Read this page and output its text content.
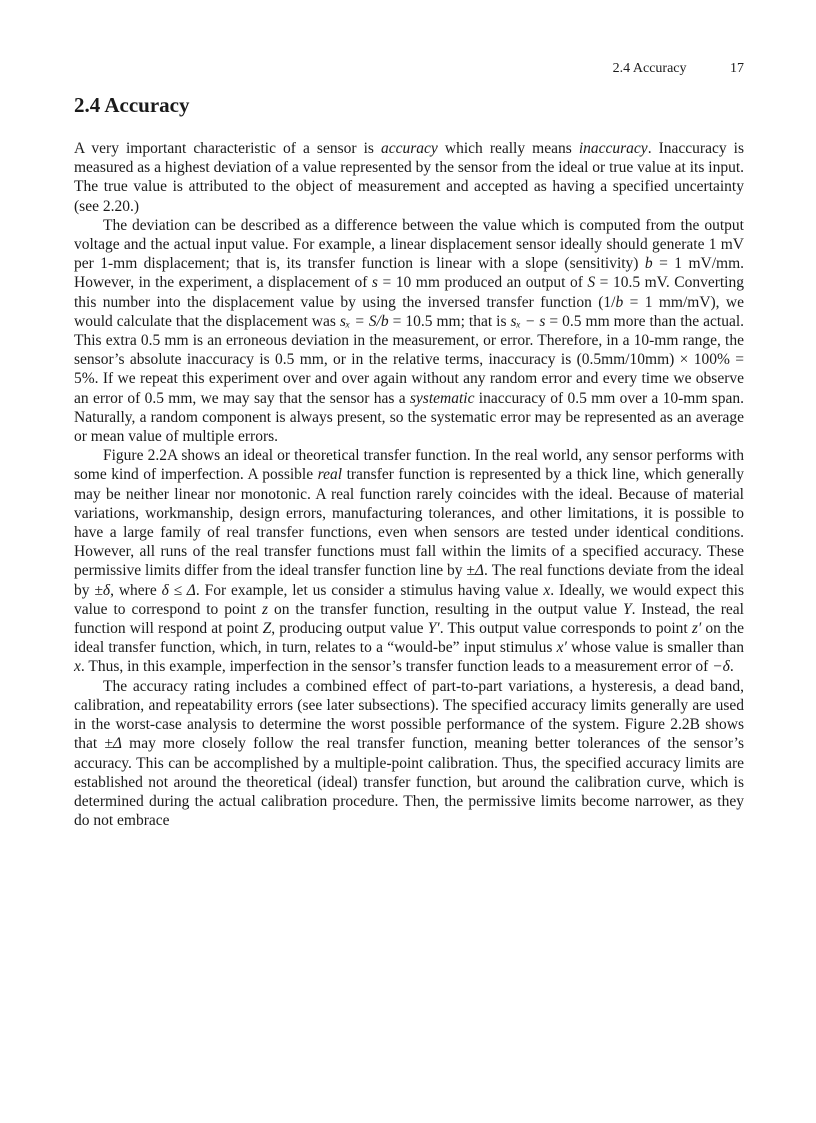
2.4 Accuracy	17
2.4 Accuracy

A very important characteristic of a sensor is accuracy which really means inaccuracy. Inaccuracy is measured as a highest deviation of a value represented by the sensor from the ideal or true value at its input. The true value is attributed to the object of measurement and accepted as having a specified uncertainty (see 2.20.)

The deviation can be described as a difference between the value which is computed from the output voltage and the actual input value. For example, a linear displacement sensor ideally should generate 1 mV per 1-mm displacement; that is, its transfer function is linear with a slope (sensitivity) b = 1 mV/mm. However, in the experiment, a displacement of s = 10 mm produced an output of S = 10.5 mV. Converting this number into the displacement value by using the inversed transfer function (1/b = 1 mm/mV), we would calculate that the displacement was sₓ = S/b = 10.5 mm; that is sₓ − s = 0.5 mm more than the actual. This extra 0.5 mm is an erroneous deviation in the measurement, or error. Therefore, in a 10-mm range, the sensor’s absolute inaccuracy is 0.5 mm, or in the relative terms, inaccuracy is (0.5mm/10mm) × 100% = 5%. If we repeat this experiment over and over again without any random error and every time we observe an error of 0.5 mm, we may say that the sensor has a systematic inaccuracy of 0.5 mm over a 10-mm span. Naturally, a random component is always present, so the systematic error may be represented as an average or mean value of multiple errors.

Figure 2.2A shows an ideal or theoretical transfer function. In the real world, any sensor performs with some kind of imperfection. A possible real transfer function is represented by a thick line, which generally may be neither linear nor monotonic. A real function rarely coincides with the ideal. Because of material variations, workmanship, design errors, manufacturing tolerances, and other limitations, it is possible to have a large family of real transfer functions, even when sensors are tested under identical conditions. However, all runs of the real transfer functions must fall within the limits of a specified accuracy. These permissive limits differ from the ideal transfer function line by ±Δ. The real functions deviate from the ideal by ±δ, where δ ≤ Δ. For example, let us consider a stimulus having value x. Ideally, we would expect this value to correspond to point z on the transfer function, resulting in the output value Y. Instead, the real function will respond at point Z, producing output value Y′. This output value corresponds to point z′ on the ideal transfer function, which, in turn, relates to a “would-be” input stimulus x′ whose value is smaller than x. Thus, in this example, imperfection in the sensor’s transfer function leads to a measurement error of −δ.

The accuracy rating includes a combined effect of part-to-part variations, a hysteresis, a dead band, calibration, and repeatability errors (see later subsections). The specified accuracy limits generally are used in the worst-case analysis to determine the worst possible performance of the system. Figure 2.2B shows that ±Δ may more closely follow the real transfer function, meaning better tolerances of the sensor’s accuracy. This can be accomplished by a multiple-point calibration. Thus, the specified accuracy limits are established not around the theoretical (ideal) transfer function, but around the calibration curve, which is determined during the actual calibration procedure. Then, the permissive limits become narrower, as they do not embrace
